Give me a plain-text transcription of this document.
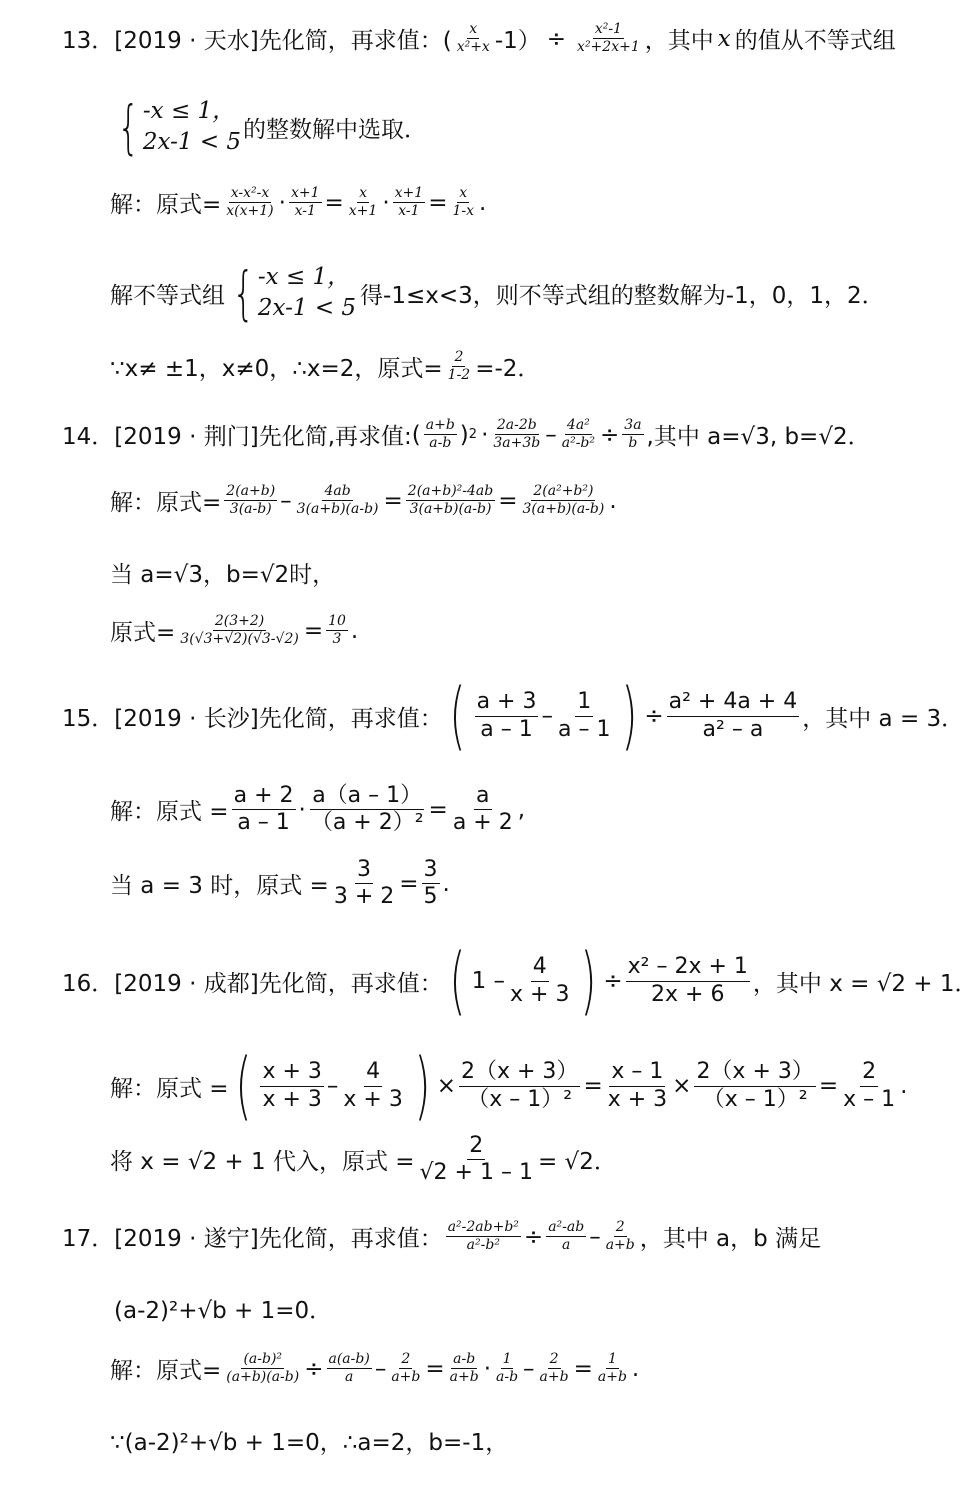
13． [2019 · 天水] 先化简，再求值：( $\frac{x}{\text{x²+x}} -1) \div \frac{\text{x²-1}}{\text{x²+2x+1}}$ ，其中 x 的值从不等式组
{ -x ≤ 1，
2x-1 < 5 的整数解中选取．
解：原式= $\frac{\text{x-x²-x}}{x(x+1)} \cdot \frac{x+1}{x-1} = \frac{x}{x+1} \cdot \frac{x+1}{x-1} = \frac{x}{1-x}$ .
解不等式组 { -x ≤ 1，
2x-1 < 5 得-1≤x<3，则不等式组的整数解为-1，0，1，2．
∵x≠ ±1，x≠0，∴x=2，原式= $\frac{2}{1-2} =-2$．
14． [2019 · 荆门] 先化简,再求值: ( $\frac{a+b}{a-b}$ ) $2 \cdot \frac{2a-2b}{3a+3b} - \frac{\text{4a²}}{\text{a²-b²}} \div \frac{3a}{b}$ ,其中 a=√3, b=√2．
解：原式= $\frac{2(a+b)}{3(a-b)} - \frac{4ab}{3(a+b)(a-b)} = \frac{\text{2(a+b)²-4ab}}{3(a+b)(a-b)} = \frac{\text{2(a²+b²)}}{3(a+b)(a-b)}$ .
当 a=√3，b=√2时，
原式= $\frac{2(3+2)}{3(√3+√2)(√3-√2)} = \frac{10}{3}$ .
15． [2019 · 长沙] 先化简，再求值： ( $\frac{a + 3}{a - 1} - \frac{1}{a - 1}$ ) ÷ $\frac{\text{a² + 4a + 4}}{\text{a² – a}}$ ，其中 a = 3．
解：原式 = $\frac{a + 2}{a - 1} \cdot \frac{a(a - 1)}{\text{（a + 2）²}} = \frac{a}{a + 2}$ ,
当 a = 3 时，原式 = $\frac{3}{3 + 2} = \frac{3}{5}$ .
16． [2019 · 成都] 先化简，再求值： ( $1 - \frac{4}{x + 3}$ ) ÷ $\frac{\text{x² – 2x + 1}}{2x + 6}$ ，其中 x = √2 + 1．
解：原式 = ( $\frac{x + 3}{x + 3} - \frac{4}{x + 3}$ ) × $\frac{2(x + 3)}{\text{（x – 1）²}} = \frac{x - 1}{x + 3} \times \frac{2(x + 3)}{\text{（x – 1）²}} = \frac{2}{x - 1}$ .
将 x = √2 + 1 代入，原式 = $\frac{2}{√2 + 1 - 1} = √2$．
17． [2019 · 遂宁] 先化简，再求值： $\frac{\text{a²-2ab+b²}}{\text{a²-b²}} \div \frac{\text{a²-ab}}{a} - \frac{2}{a+b}$ ，其中 a，b 满足
(a-2)²+√b + 1=0．
解：原式= $\frac{\text{(a-b)²}}{(a+b)(a-b)} \div \frac{a(a-b)}{a} - \frac{2}{a+b} = \frac{a-b}{a+b} \cdot \frac{1}{a-b} - \frac{2}{a+b} = \frac{1}{a+b}$ .
∵(a-2)²+√b + 1=0，∴a=2，b=-1，
